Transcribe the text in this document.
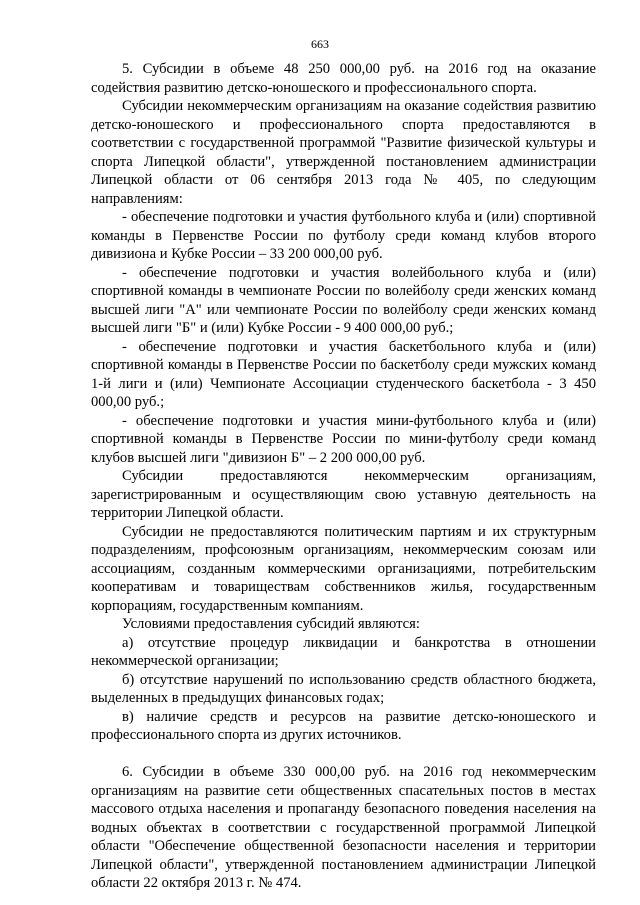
663

5. Субсидии в объеме 48 250 000,00 руб. на 2016 год на оказание содействия развитию детско-юношеского и профессионального спорта.

Субсидии некоммерческим организациям на оказание содействия развитию детско-юношеского и профессионального спорта предоставляются в соответствии с государственной программой "Развитие физической культуры и спорта Липецкой области", утвержденной постановлением администрации Липецкой области от 06 сентября 2013 года № 405, по следующим направлениям:

- обеспечение подготовки и участия футбольного клуба и (или) спортивной команды в Первенстве России по футболу среди команд клубов второго дивизиона и Кубке России – 33 200 000,00 руб.

- обеспечение подготовки и участия волейбольного клуба и (или) спортивной команды в чемпионате России по волейболу среди женских команд высшей лиги "А" или чемпионате России по волейболу среди женских команд высшей лиги "Б" и (или) Кубке России - 9 400 000,00 руб.;

- обеспечение подготовки и участия баскетбольного клуба и (или) спортивной команды в Первенстве России по баскетболу среди мужских команд 1-й лиги и (или) Чемпионате Ассоциации студенческого баскетбола - 3 450 000,00 руб.;

- обеспечение подготовки и участия мини-футбольного клуба и (или) спортивной команды в Первенстве России по мини-футболу среди команд клубов высшей лиги "дивизион Б" – 2 200 000,00 руб.

Субсидии предоставляются некоммерческим организациям, зарегистрированным и осуществляющим свою уставную деятельность на территории Липецкой области.

Субсидии не предоставляются политическим партиям и их структурным подразделениям, профсоюзным организациям, некоммерческим союзам или ассоциациям, созданным коммерческими организациями, потребительским кооперативам и товариществам собственников жилья, государственным корпорациям, государственным компаниям.

Условиями предоставления субсидий являются:

а) отсутствие процедур ликвидации и банкротства в отношении некоммерческой организации;

б) отсутствие нарушений по использованию средств областного бюджета, выделенных в предыдущих финансовых годах;

в) наличие средств и ресурсов на развитие детско-юношеского и профессионального спорта из других источников.

6. Субсидии в объеме 330 000,00 руб. на 2016 год некоммерческим организациям на развитие сети общественных спасательных постов в местах массового отдыха населения и пропаганду безопасного поведения населения на водных объектах в соответствии с государственной программой Липецкой области "Обеспечение общественной безопасности населения и территории Липецкой области", утвержденной постановлением администрации Липецкой области 22 октября 2013 г. № 474.
